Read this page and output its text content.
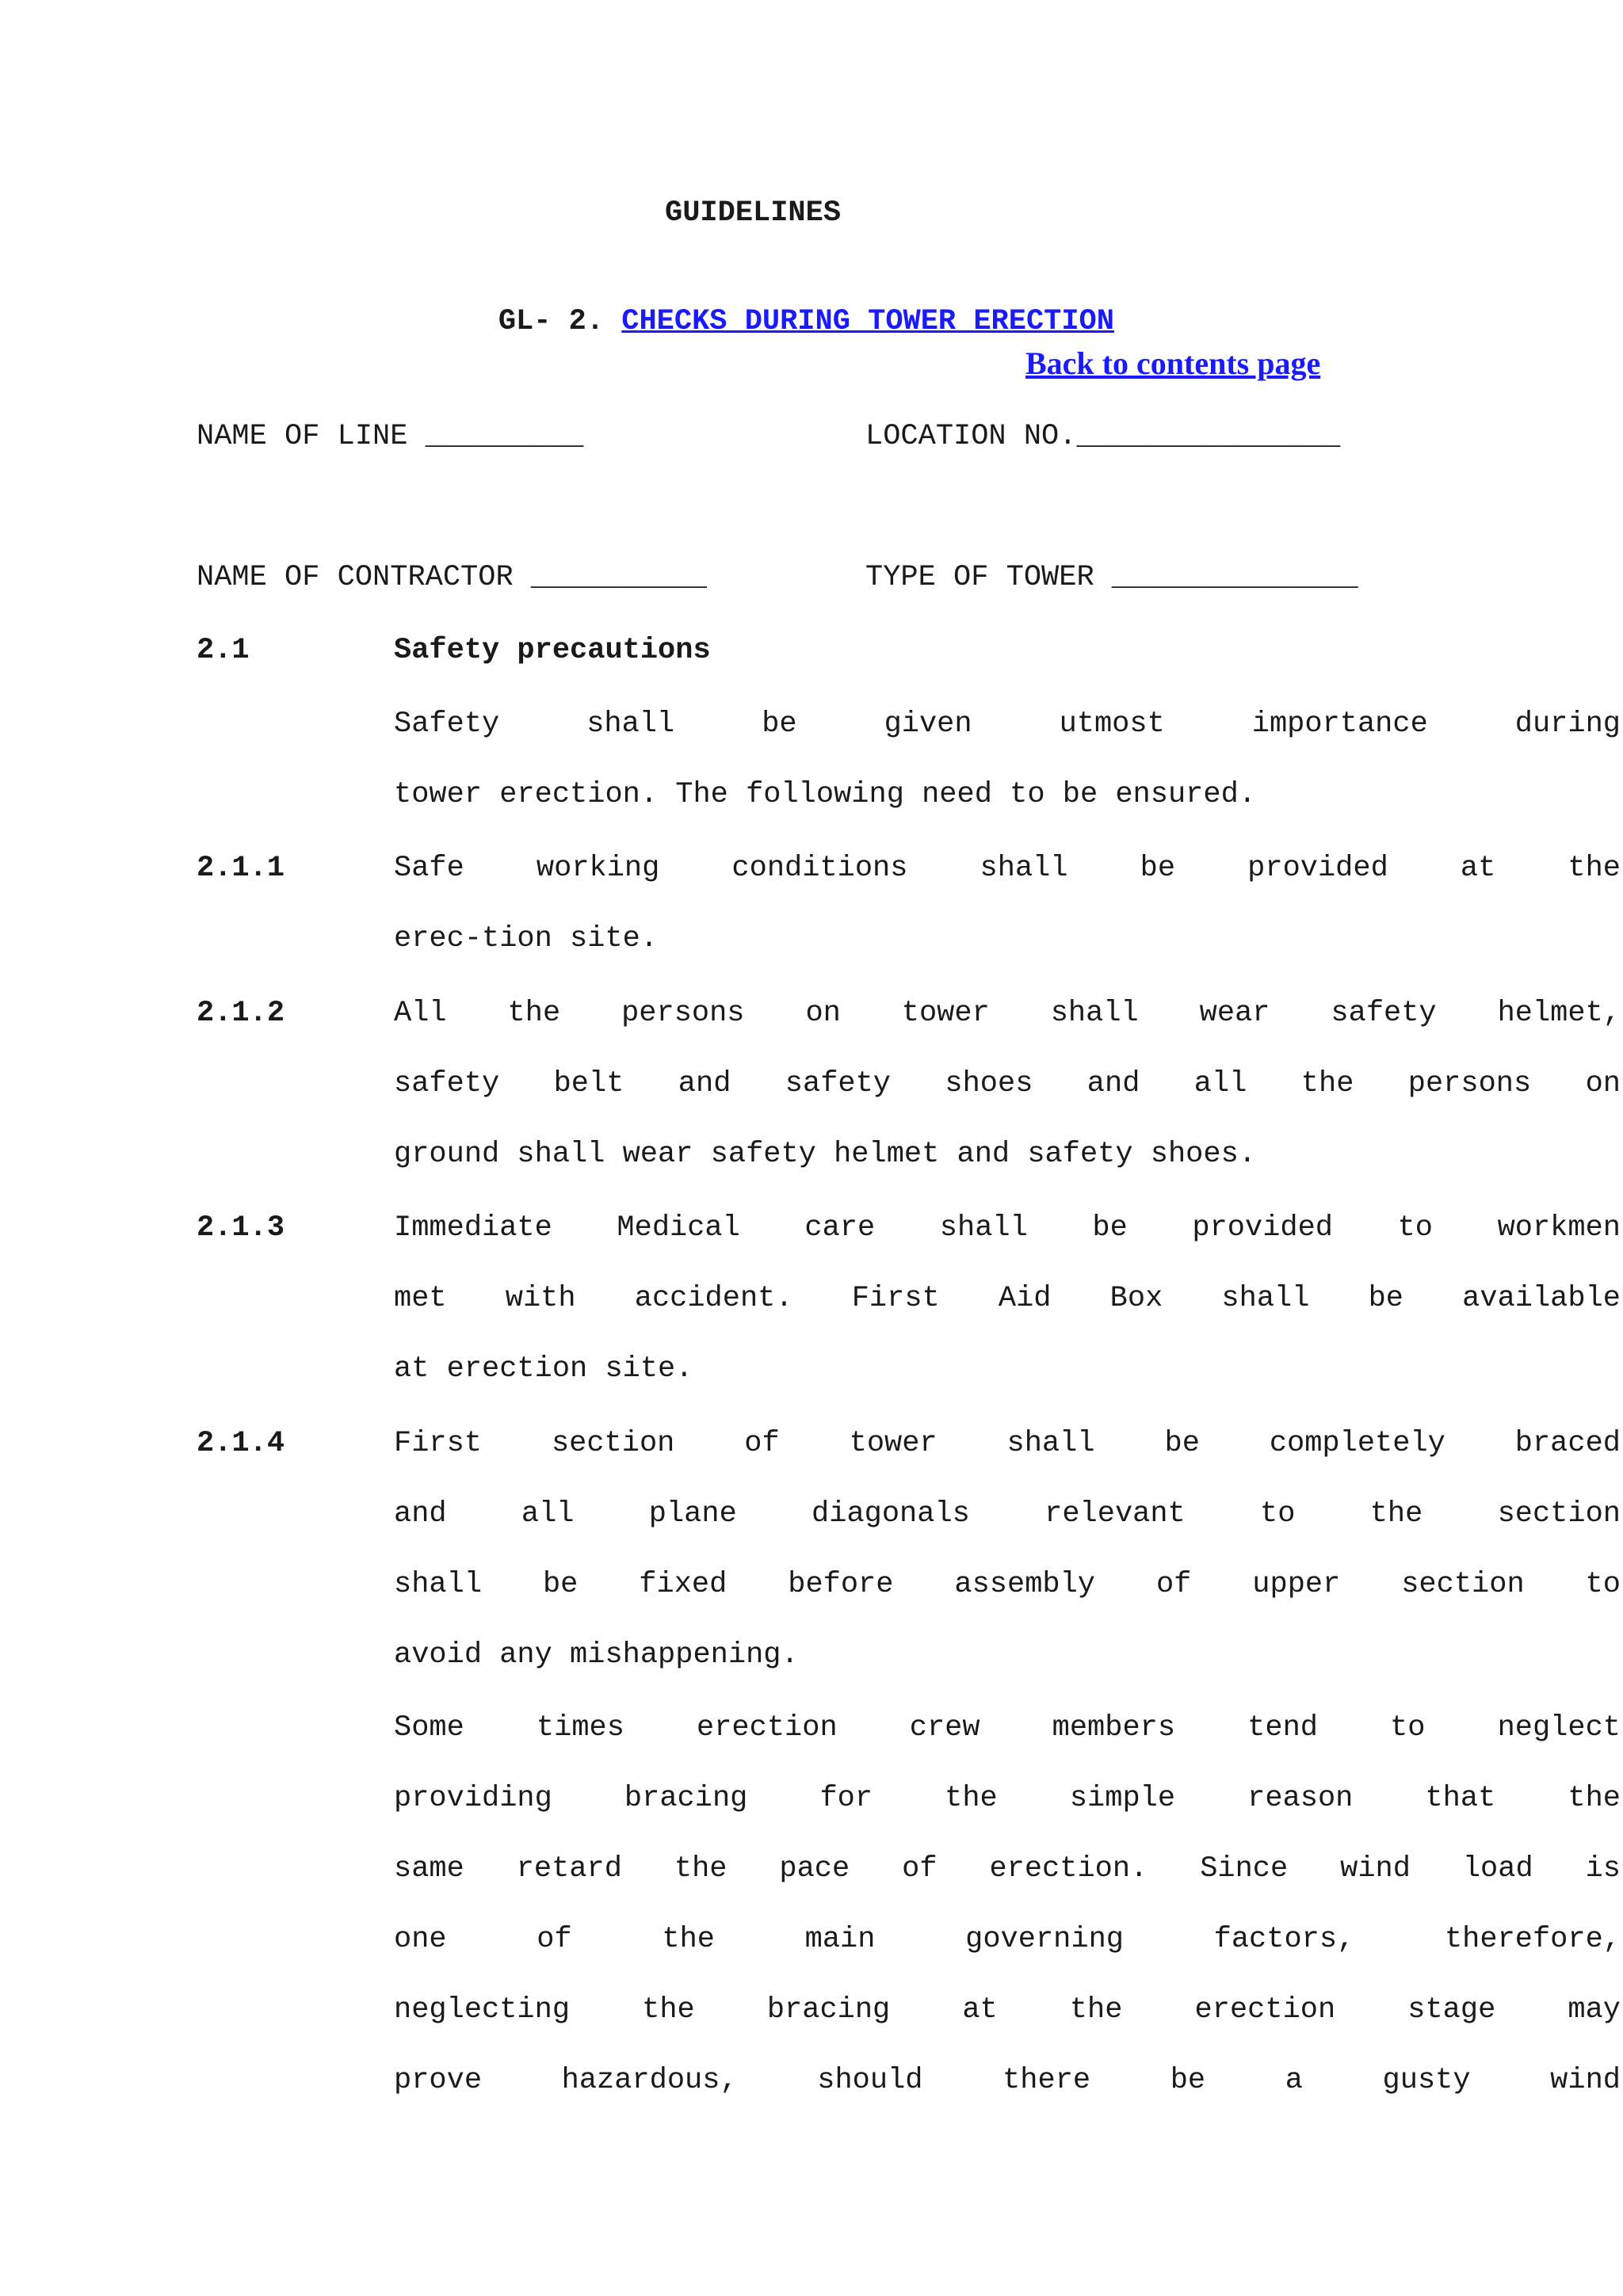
GUIDELINES

GL- 2. CHECKS DURING TOWER ERECTION

Back to contents page
NAME OF LINE _________	LOCATION NO._______________
NAME OF CONTRACTOR __________	TYPE OF TOWER ______________
2.1	Safety precautions
Safety shall be given utmost importance during
tower erection. The following need to be ensured.
2.1.1	Safe working conditions shall be provided at the
erec-tion site.
2.1.2	All the persons on tower shall wear safety helmet,
safety belt and safety shoes and all the persons on
ground shall wear safety helmet and safety shoes.
2.1.3	Immediate Medical care shall be provided to workmen
met with accident. First Aid Box shall be available
at erection site.
2.1.4	First section of tower shall be completely braced
and all plane diagonals relevant to the section
shall be fixed before assembly of upper section to
avoid any mishappening.
Some times erection crew members tend to neglect
providing bracing for the simple reason that the
same retard the pace of erection. Since wind load is
one of the main governing factors, therefore,
neglecting the bracing at the erection stage may
prove hazardous, should there be a gusty wind
